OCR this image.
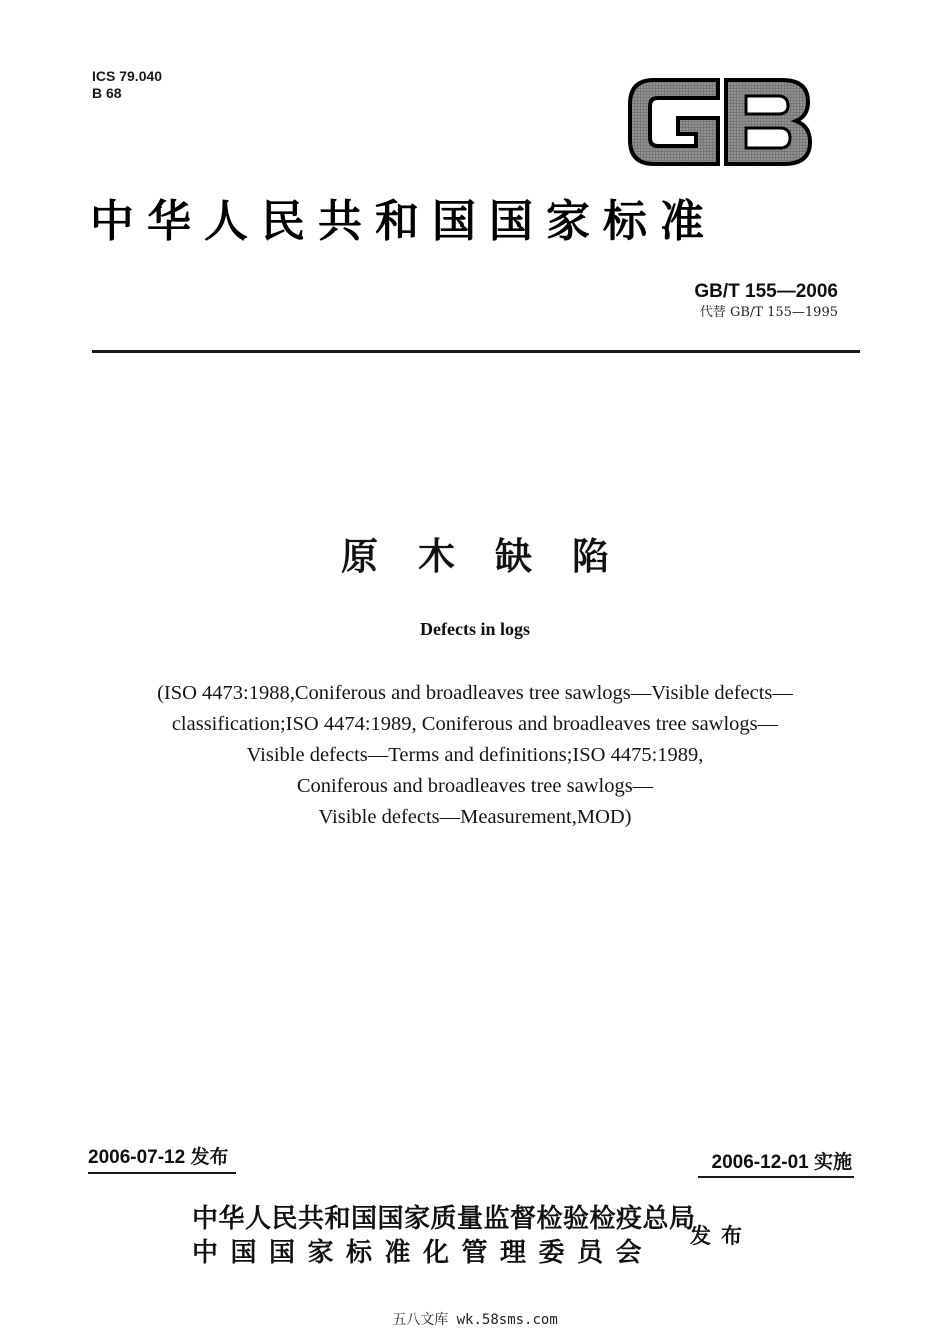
ICS 79.040
B 68
GB
中华人民共和国国家标准
GB/T 155—2006
代替 GB/T 155—1995
原木缺陷
Defects in logs
(ISO 4473:1988,Coniferous and broadleaves tree sawlogs—Visible defects—
classification;ISO 4474:1989, Coniferous and broadleaves tree sawlogs—
Visible defects—Terms and definitions;ISO 4475:1989,
Coniferous and broadleaves tree sawlogs—
Visible defects—Measurement,MOD)
2006-07-12 发布	2006-12-01 实施
中华人民共和国国家质量监督检验检疫总局
中国国家标准化管理委员会
发布
五八文库 wk.58sms.com
